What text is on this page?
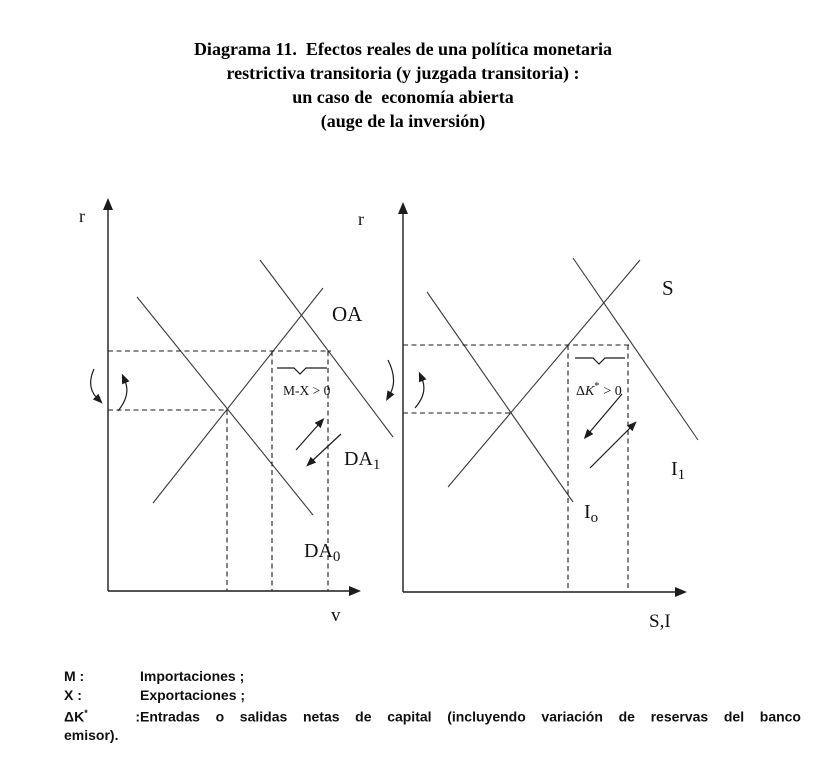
Diagrama 11.  Efectos reales de una política monetaria
restrictiva transitoria (y juzgada transitoria) :
un caso de  economía abierta
(auge de la inversión)
r
v
OA
$DA_1$
$DA_0$
M-X > 0
r
S,I
S
$I_1$
$I_o$
ΔK* > 0
M :	Importaciones ;
X :	Exportaciones ;
ΔK* :Entradas o salidas netas de capital (incluyendo variación de reservas del banco
emisor).
